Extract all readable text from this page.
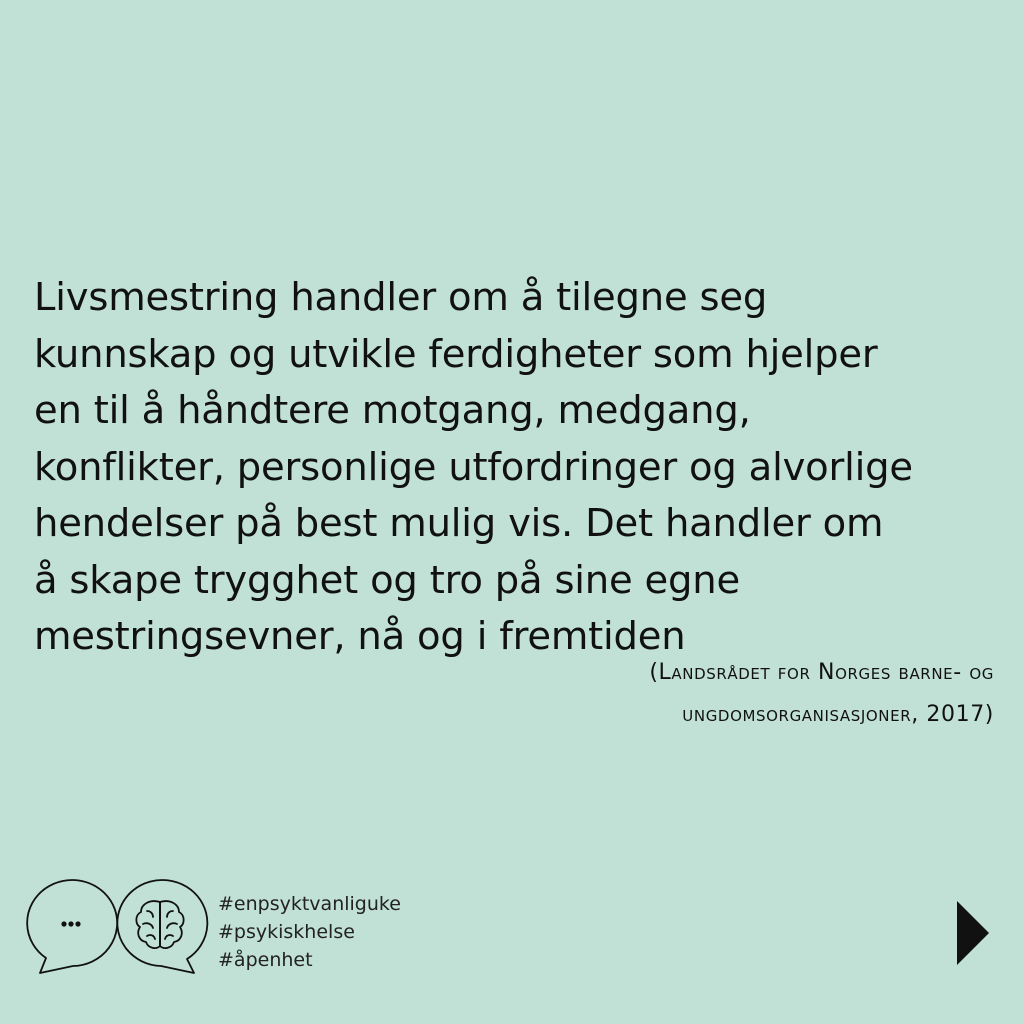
Livsmestring handler om å tilegne seg
kunnskap og utvikle ferdigheter som hjelper
en til å håndtere motgang, medgang,
konflikter, personlige utfordringer og alvorlige
hendelser på best mulig vis. Det handler om
å skape trygghet og tro på sine egne
mestringsevner, nå og i fremtiden
(Landsrådet for Norges barne- og
ungdomsorganisasjoner, 2017)
#enpsyktvanliguke
#psykiskhelse
#åpenhet
